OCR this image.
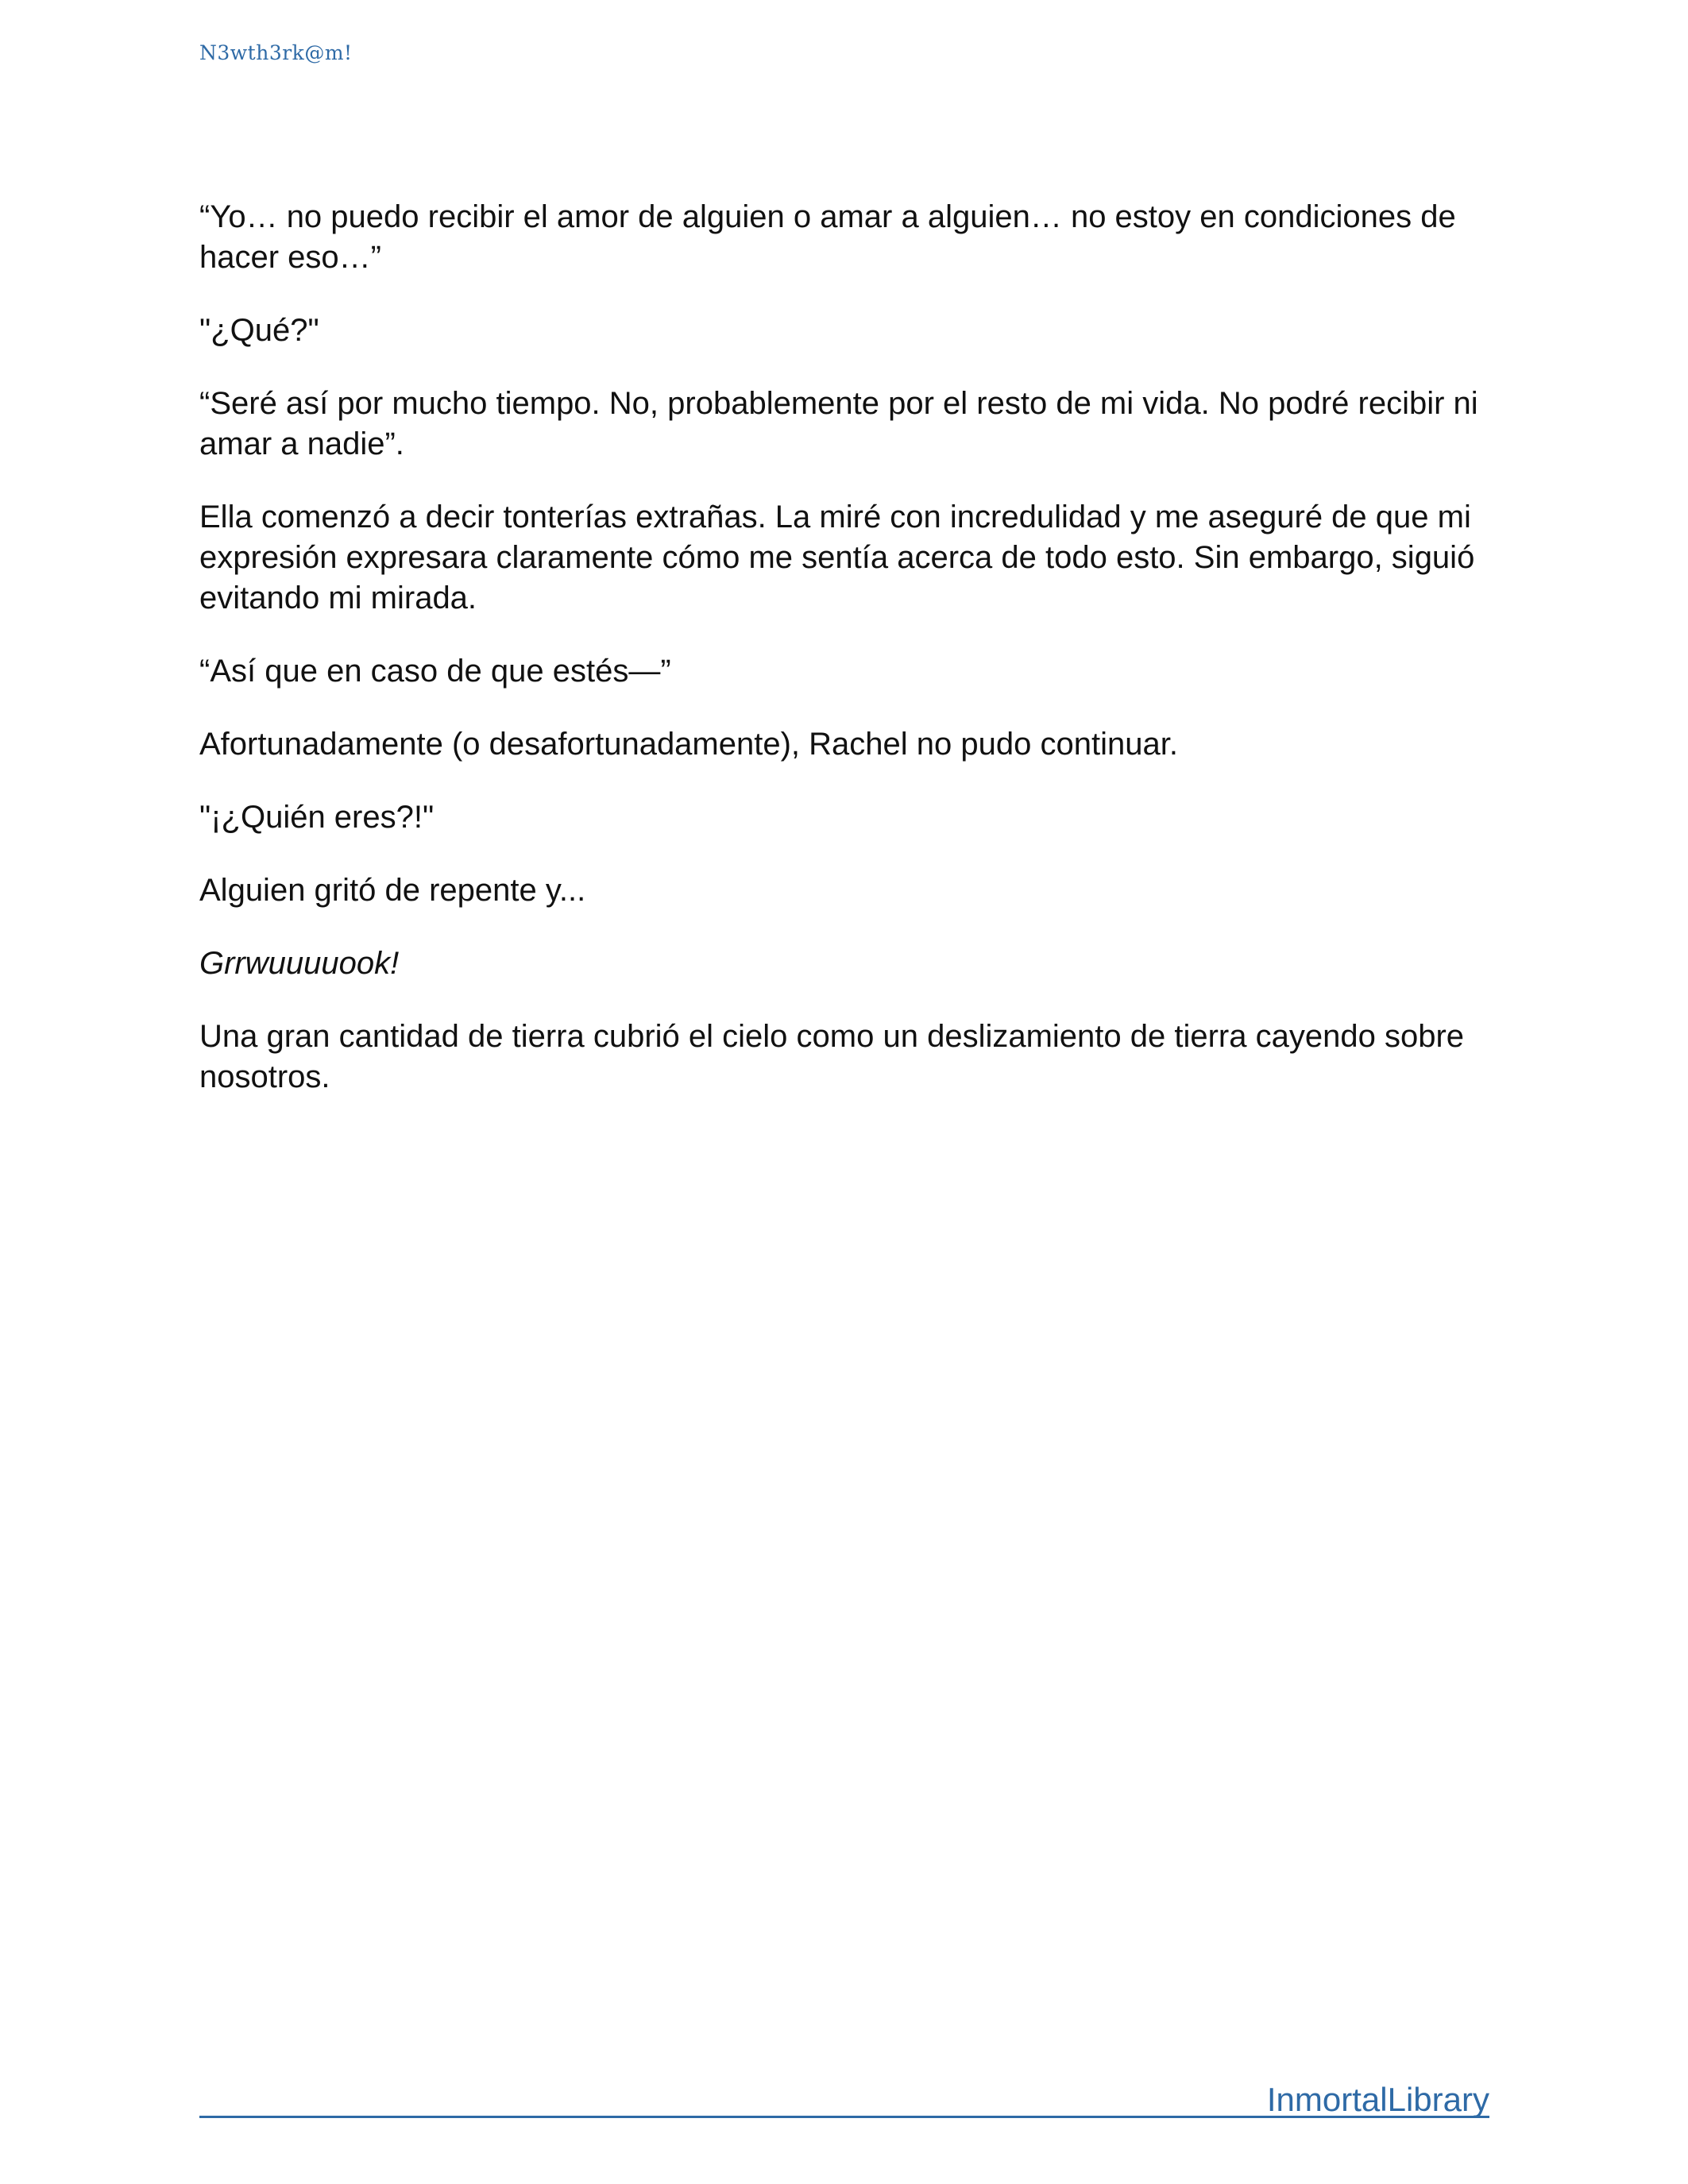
N3wth3rk@m!

“Yo… no puedo recibir el amor de alguien o amar a alguien… no estoy en condiciones de hacer eso…”

"¿Qué?"

“Seré así por mucho tiempo. No, probablemente por el resto de mi vida. No podré recibir ni amar a nadie”.

Ella comenzó a decir tonterías extrañas. La miré con incredulidad y me aseguré de que mi expresión expresara claramente cómo me sentía acerca de todo esto. Sin embargo, siguió evitando mi mirada.

“Así que en caso de que estés—”

Afortunadamente (o desafortunadamente), Rachel no pudo continuar.

"¡¿Quién eres?!"

Alguien gritó de repente y...

Grrwuuuuook!

Una gran cantidad de tierra cubrió el cielo como un deslizamiento de tierra cayendo sobre nosotros.

InmortalLibrary
